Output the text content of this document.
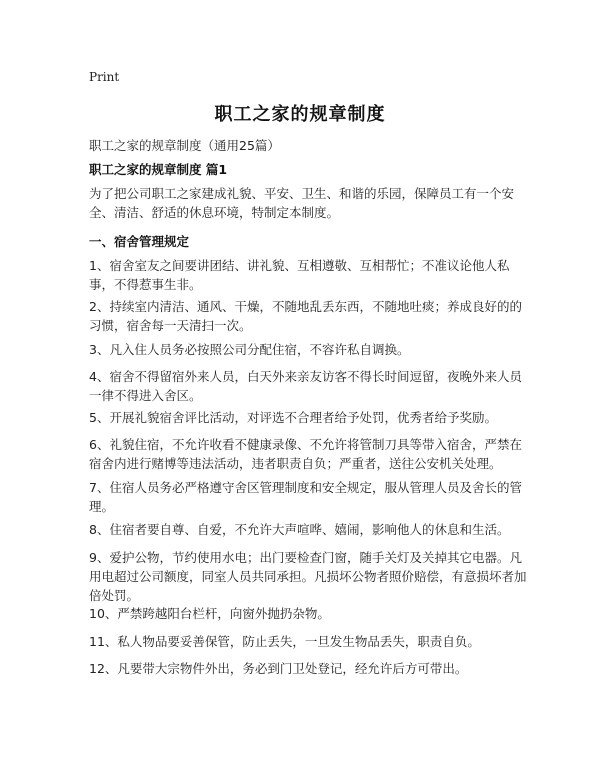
Print
职工之家的规章制度
职工之家的规章制度（通用25篇）
职工之家的规章制度 篇1

为了把公司职工之家建成礼貌、平安、卫生、和谐的乐园，保障员工有一个安全、清洁、舒适的休息环境，特制定本制度。

一、宿舍管理规定

1、宿舍室友之间要讲团结、讲礼貌、互相遵敬、互相帮忙；不准议论他人私事，不得惹事生非。

2、持续室内清洁、通风、干燥，不随地乱丢东西，不随地吐痰；养成良好的的习惯，宿舍每一天清扫一次。

3、凡入住人员务必按照公司分配住宿，不容许私自调换。

4、宿舍不得留宿外来人员，白天外来亲友访客不得长时间逗留，夜晚外来人员一律不得进入舍区。

5、开展礼貌宿舍评比活动，对评选不合理者给予处罚，优秀者给予奖励。

6、礼貌住宿，不允许收看不健康录像、不允许将管制刀具等带入宿舍，严禁在宿舍内进行赌博等违法活动，违者职责自负；严重者，送往公安机关处理。

7、住宿人员务必严格遵守舍区管理制度和安全规定，服从管理人员及舍长的管理。

8、住宿者要自尊、自爱，不允许大声喧哗、嬉闹，影响他人的休息和生活。

9、爱护公物，节约使用水电；出门要检查门窗，随手关灯及关掉其它电器。凡用电超过公司额度，同室人员共同承担。凡损坏公物者照价赔偿，有意损坏者加倍处罚。

10、严禁跨越阳台栏杆，向窗外抛扔杂物。

11、私人物品要妥善保管，防止丢失，一旦发生物品丢失，职责自负。

12、凡要带大宗物件外出，务必到门卫处登记，经允许后方可带出。
